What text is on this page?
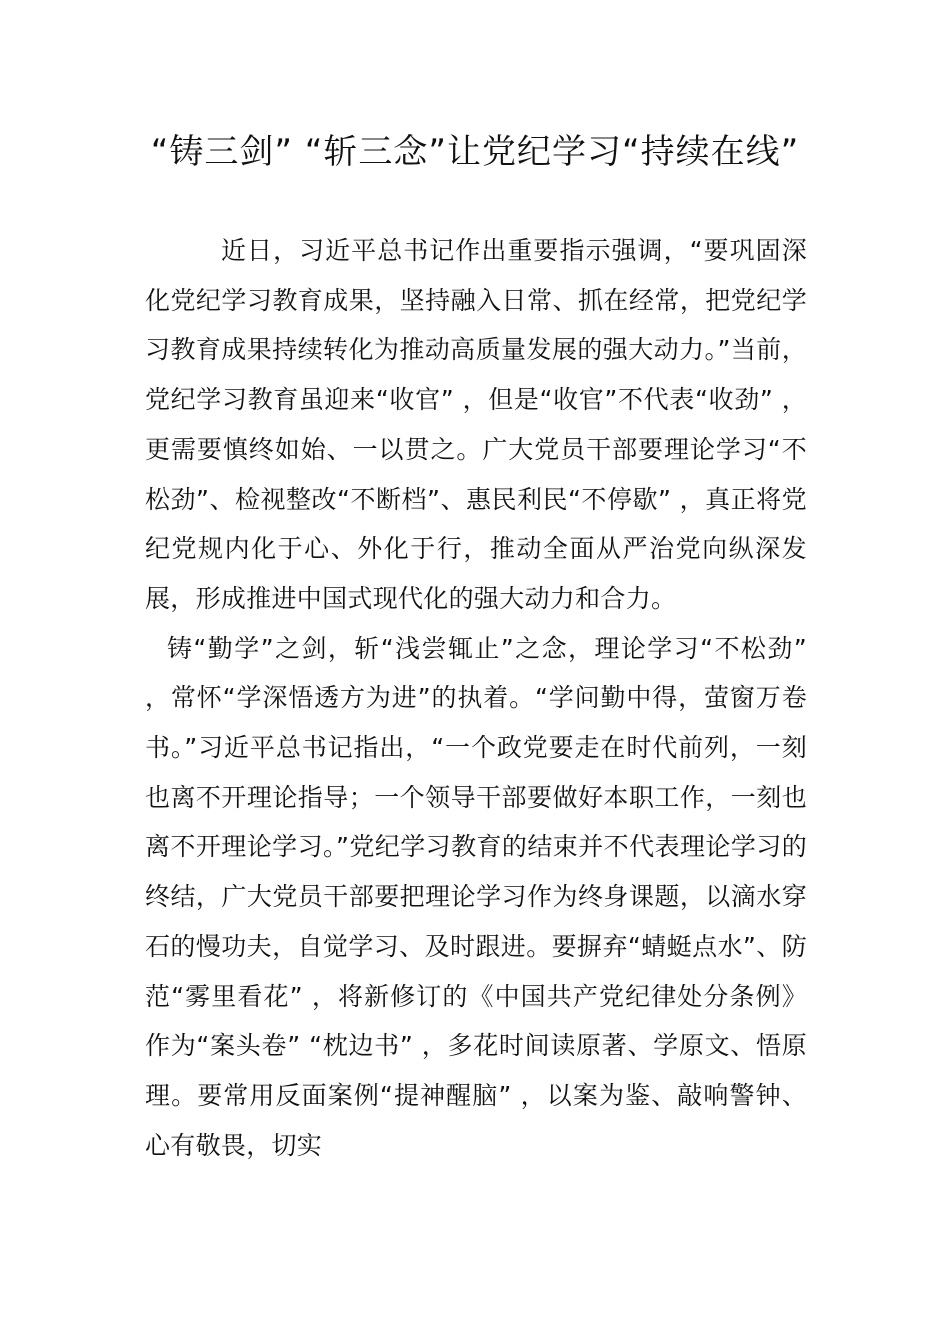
“铸三剑” “斩三念”让党纪学习“持续在线”

近日，习近平总书记作出重要指示强调，“要巩固深化党纪学习教育成果，坚持融入日常、抓在经常，把党纪学习教育成果持续转化为推动高质量发展的强大动力。”当前，党纪学习教育虽迎来“收官” ，但是“收官”不代表“收劲” ，更需要慎终如始、一以贯之。广大党员干部要理论学习“不松劲”、检视整改“不断档”、惠民利民“不停歇” ，真正将党纪党规内化于心、外化于行，推动全面从严治党向纵深发展，形成推进中国式现代化的强大动力和合力。

铸“勤学”之剑，斩“浅尝辄止”之念，理论学习“不松劲” ，常怀“学深悟透方为进”的执着。“学问勤中得，萤窗万卷书。”习近平总书记指出，“一个政党要走在时代前列，一刻也离不开理论指导；一个领导干部要做好本职工作，一刻也离不开理论学习。”党纪学习教育的结束并不代表理论学习的终结，广大党员干部要把理论学习作为终身课题，以滴水穿石的慢功夫，自觉学习、及时跟进。要摒弃“蜻蜓点水”、防范“雾里看花” ，将新修订的《中国共产党纪律处分条例》作为“案头卷” “枕边书” ，多花时间读原著、学原文、悟原理。要常用反面案例“提神醒脑” ，以案为鉴、敲响警钟、心有敬畏，切实
